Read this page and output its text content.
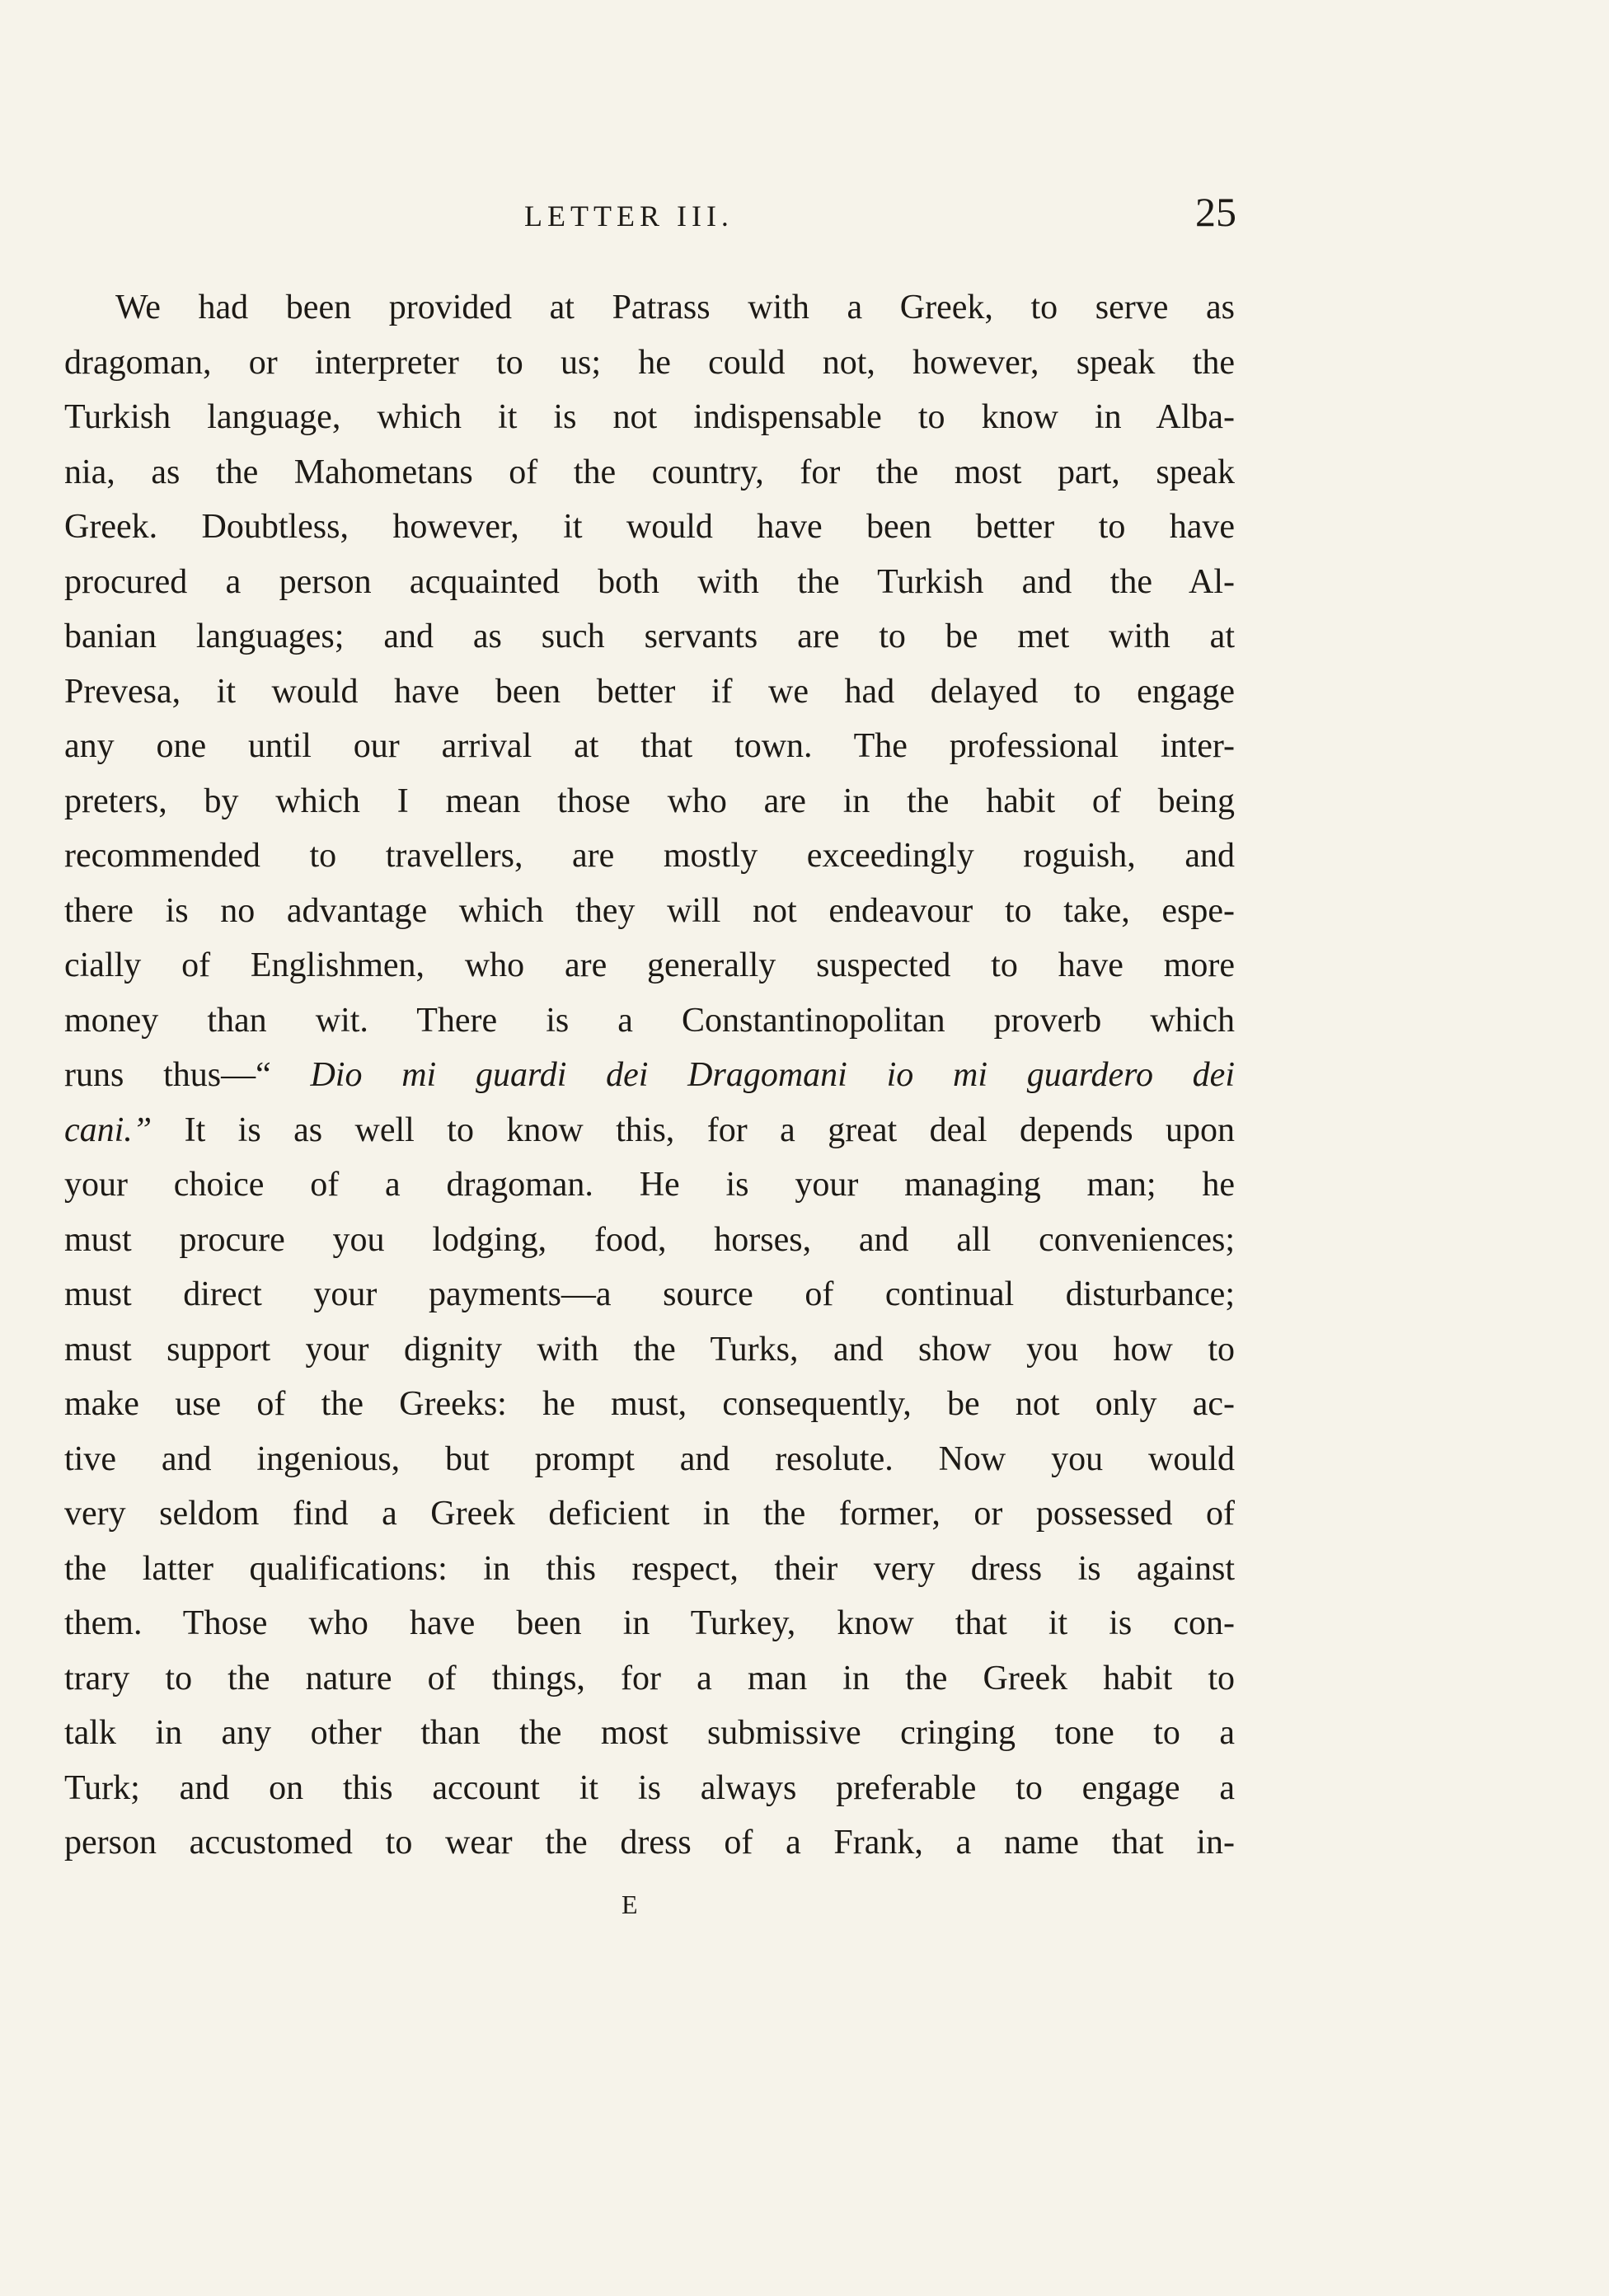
LETTER III.	25
We had been provided at Patrass with a Greek, to serve as
dragoman, or interpreter to us; he could not, however, speak the
Turkish language, which it is not indispensable to know in Alba-
nia, as the Mahometans of the country, for the most part, speak
Greek. Doubtless, however, it would have been better to have
procured a person acquainted both with the Turkish and the Al-
banian languages; and as such servants are to be met with at
Prevesa, it would have been better if we had delayed to engage
any one until our arrival at that town. The professional inter-
preters, by which I mean those who are in the habit of being
recommended to travellers, are mostly exceedingly roguish, and
there is no advantage which they will not endeavour to take, espe-
cially of Englishmen, who are generally suspected to have more
money than wit. There is a Constantinopolitan proverb which
runs thus—“ Dio mi guardi dei Dragomani io mi guardero dei
cani.” It is as well to know this, for a great deal depends upon
your choice of a dragoman. He is your managing man; he
must procure you lodging, food, horses, and all conveniences;
must direct your payments—a source of continual disturbance;
must support your dignity with the Turks, and show you how to
make use of the Greeks: he must, consequently, be not only ac-
tive and ingenious, but prompt and resolute. Now you would
very seldom find a Greek deficient in the former, or possessed of
the latter qualifications: in this respect, their very dress is against
them. Those who have been in Turkey, know that it is con-
trary to the nature of things, for a man in the Greek habit to
talk in any other than the most submissive cringing tone to a
Turk; and on this account it is always preferable to engage a
person accustomed to wear the dress of a Frank, a name that in-
E
